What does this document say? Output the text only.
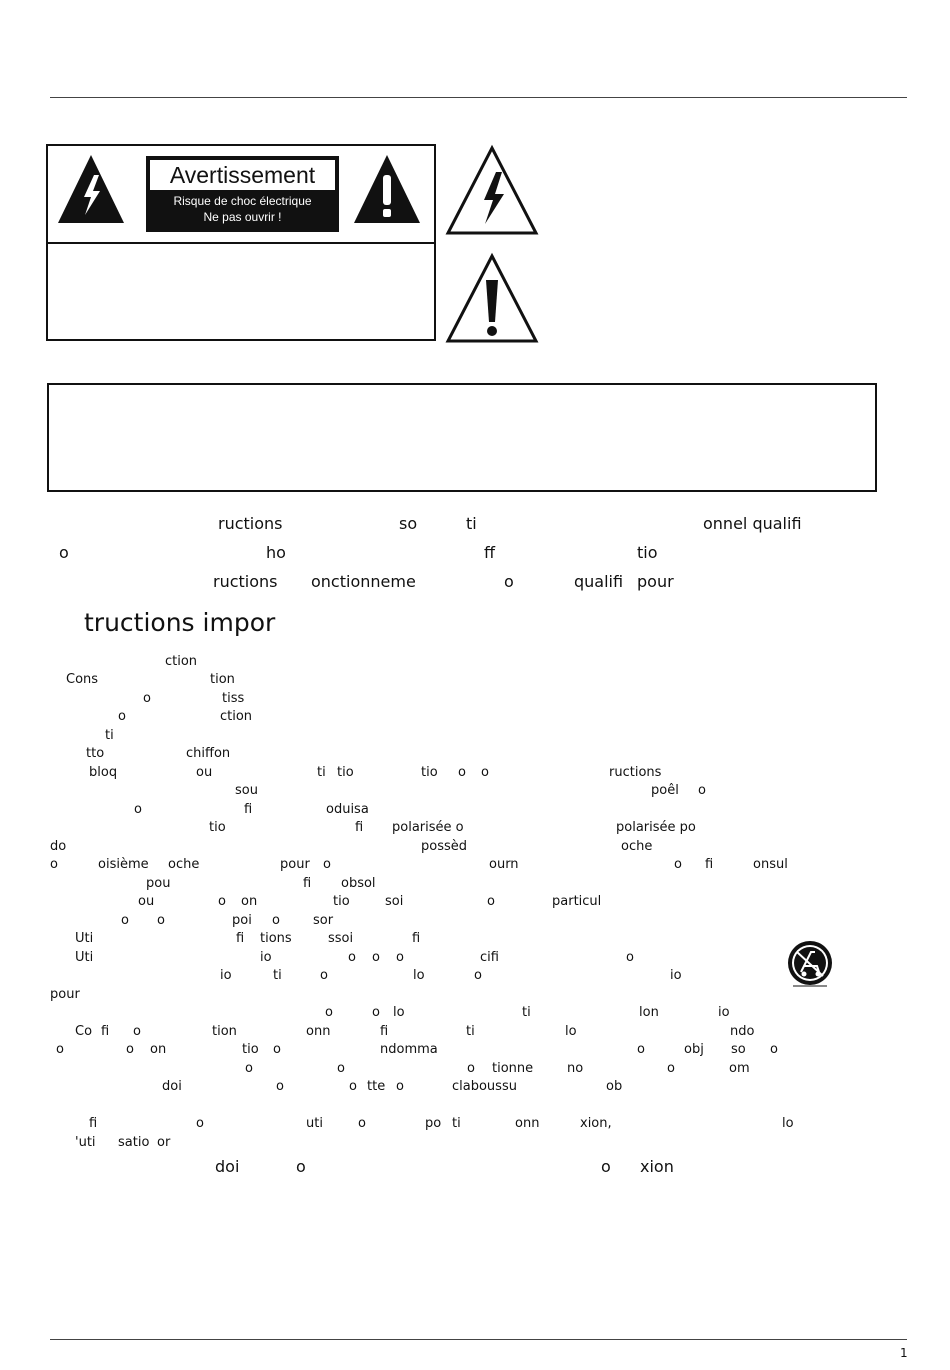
Avertissement
Risque de choc électrique
Ne pas ouvrir !
ructions	so	ti	onnel qualifi
o	ho	ff	tio
ructions onctionneme	o	qualifi pour
tructions impor
ction
Cons	tion
o	tiss
o	ction
ti
tto	chiffon
bloq	ou	ti tio	tio o o	ructions
sou	poêl o
o	fi	oduisa
tio	fi polarisée o	polarisée po
do	possèd	oche
o	oisième oche	pour o	ourn	o fi	onsul
pou	fi obsol
ou	o on	tio	soi	o	particul
o o	poi o	sor
Uti	fi tions	ssoi	fi
Uti	io	o o o	cifi	o
io	ti	o	lo	o	io
pour
o	o lo	ti	lon	io
Co fi o	tion	onn	fi	ti	lo	ndo
o	o on	tio o	ndomma	o	obj so o
o	o	o tionne	no	o	om
doi	o	o tte o	claboussu	ob
fi	o	uti	o	po ti	onn	xion,	lo
'uti satio or
doi	o	o xion
1
